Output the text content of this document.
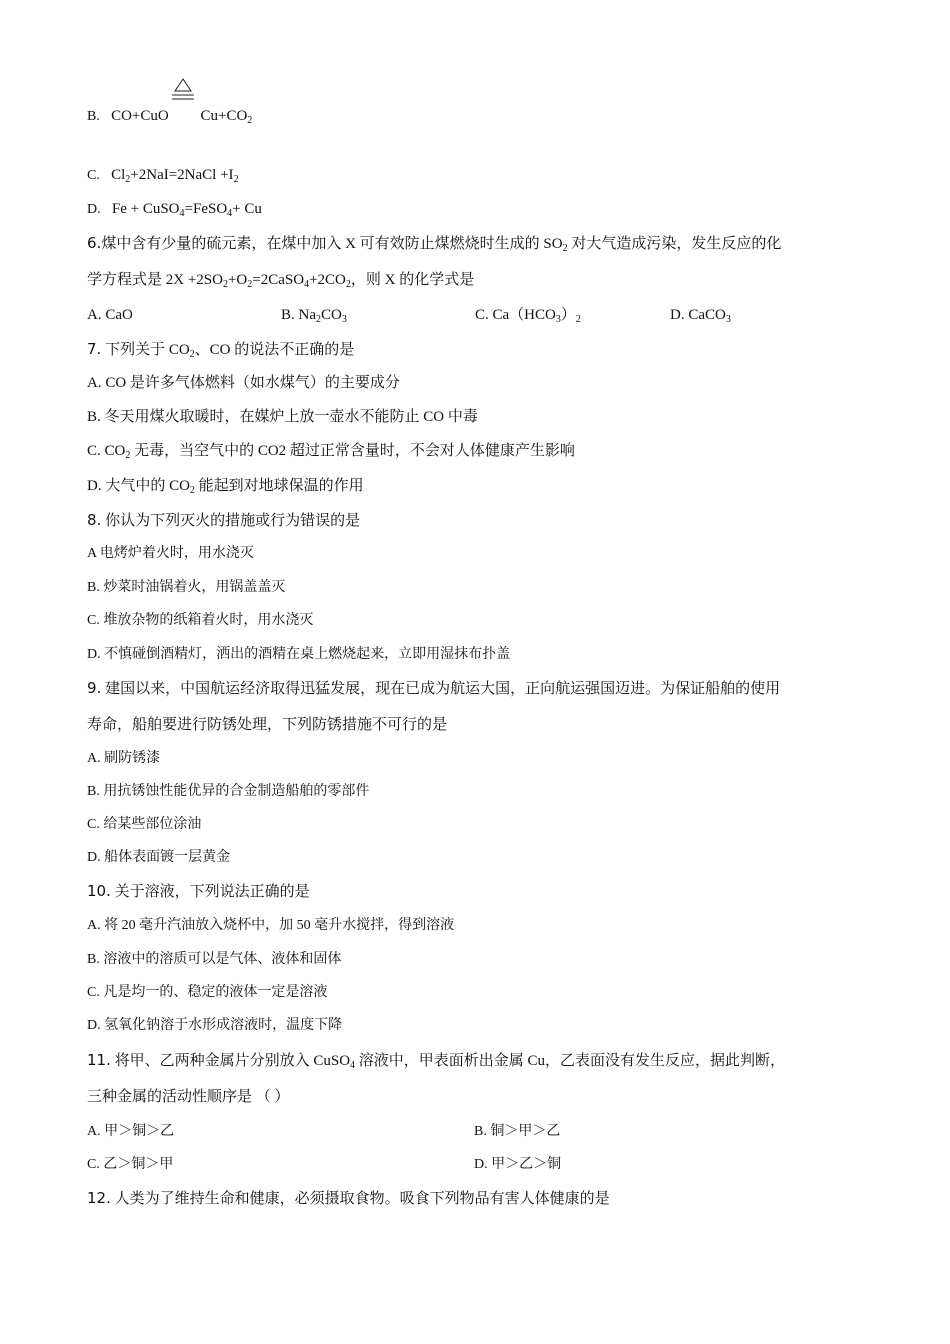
B. CO+CuO $Cu+CO_2$
C. $Cl_2+2NaI=2NaCl +I_2$
D. Fe + CuSO$_4$=FeSO$_4$+ Cu
6.煤中含有少量的硫元素，在煤中加入 X 可有效防止煤燃烧时生成的 $SO_2$ 对大气造成污染，发生反应的化
学方程式是 $2X +2SO_2+O_2=2CaSO_4+2CO_2$，则 X 的化学式是
A. CaO	B. $Na_2CO_3$	C. $Ca(HCO_3)_2$	D. CaCO$_3$
7. 下列关于 $CO_2$、CO 的说法不正确的是
A. CO 是许多气体燃料（如水煤气）的主要成分
B. 冬天用煤火取暖时，在媒炉上放一壶水不能防止 CO 中毒
C. $CO_2$ 无毒，当空气中的 CO2 超过正常含量时，不会对人体健康产生影响
D. 大气中的 $CO_2$ 能起到对地球保温的作用
8. 你认为下列灭火的措施或行为错误的是
A 电烤炉着火时，用水浇灭
B. 炒菜时油锅着火，用锅盖盖灭
C. 堆放杂物的纸箱着火时，用水浇灭
D. 不慎碰倒酒精灯，洒出的酒精在桌上燃烧起来，立即用湿抹布扑盖
9. 建国以来，中国航运经济取得迅猛发展，现在已成为航运大国，正向航运强国迈进。为保证船舶的使用
寿命，船舶要进行防锈处理，下列防锈措施不可行的是
A. 刷防锈漆
B. 用抗锈蚀性能优异的合金制造船舶的零部件
C. 给某些部位涂油
D. 船体表面镀一层黄金
10. 关于溶液，下列说法正确的是
A. 将 20 毫升汽油放入烧杯中，加 50 毫升水搅拌，得到溶液
B. 溶液中的溶质可以是气体、液体和固体
C. 凡是均一的、稳定的液体一定是溶液
D. 氢氧化钠溶于水形成溶液时，温度下降
11. 将甲、乙两种金属片分别放入 CuSO$_4$ 溶液中，甲表面析出金属 Cu，乙表面没有发生反应，据此判断，
三种金属的活动性顺序是 （ ）
A. 甲＞铜＞乙	B. 铜＞甲＞乙
C. 乙＞铜＞甲	D. 甲＞乙＞铜
12. 人类为了维持生命和健康，必须摄取食物。吸食下列物品有害人体健康的是
